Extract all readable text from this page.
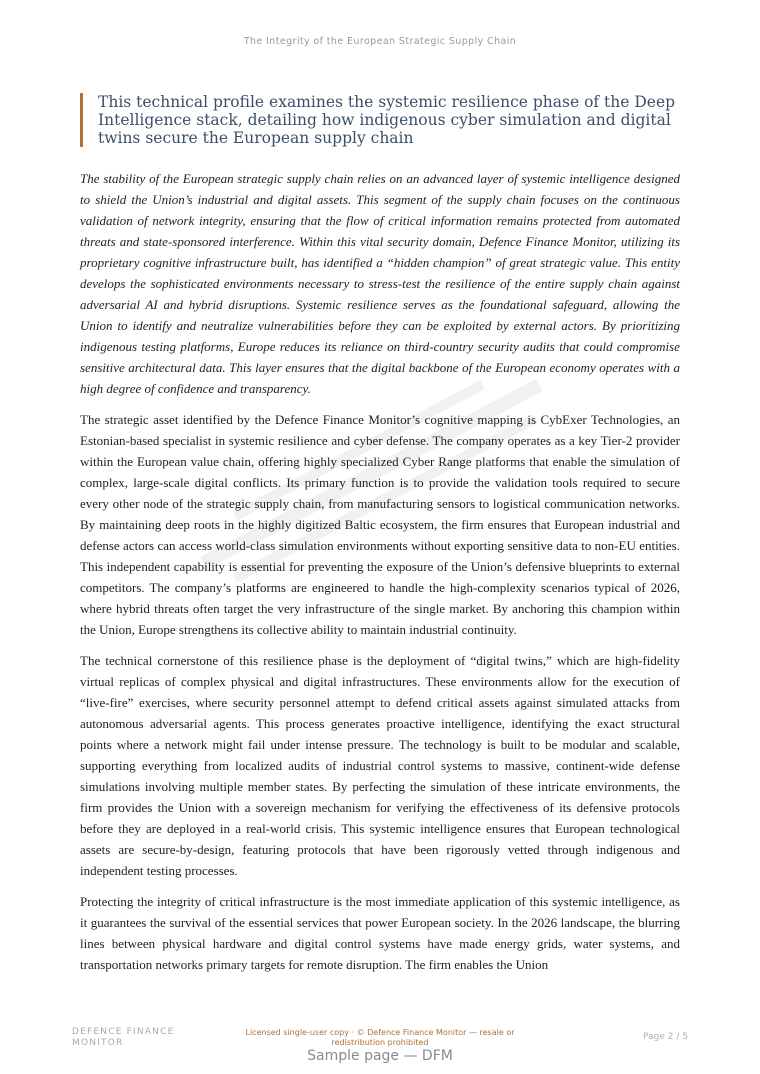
The Integrity of the European Strategic Supply Chain
This technical profile examines the systemic resilience phase of the Deep Intelligence stack, detailing how indigenous cyber simulation and digital twins secure the European supply chain

The stability of the European strategic supply chain relies on an advanced layer of systemic intelligence designed to shield the Union’s industrial and digital assets. This segment of the supply chain focuses on the continuous validation of network integrity, ensuring that the flow of critical information remains protected from automated threats and state-sponsored interference. Within this vital security domain, Defence Finance Monitor, utilizing its proprietary cognitive infrastructure built, has identified a “hidden champion” of great strategic value. This entity develops the sophisticated environments necessary to stress-test the resilience of the entire supply chain against adversarial AI and hybrid disruptions. Systemic resilience serves as the foundational safeguard, allowing the Union to identify and neutralize vulnerabilities before they can be exploited by external actors. By prioritizing indigenous testing platforms, Europe reduces its reliance on third-country security audits that could compromise sensitive architectural data. This layer ensures that the digital backbone of the European economy operates with a high degree of confidence and transparency.

The strategic asset identified by the Defence Finance Monitor’s cognitive mapping is CybExer Technologies, an Estonian-based specialist in systemic resilience and cyber defense. The company operates as a key Tier-2 provider within the European value chain, offering highly specialized Cyber Range platforms that enable the simulation of complex, large-scale digital conflicts. Its primary function is to provide the validation tools required to secure every other node of the strategic supply chain, from manufacturing sensors to logistical communication networks. By maintaining deep roots in the highly digitized Baltic ecosystem, the firm ensures that European industrial and defense actors can access world-class simulation environments without exporting sensitive data to non-EU entities. This independent capability is essential for preventing the exposure of the Union’s defensive blueprints to external competitors. The company’s platforms are engineered to handle the high-complexity scenarios typical of 2026, where hybrid threats often target the very infrastructure of the single market. By anchoring this champion within the Union, Europe strengthens its collective ability to maintain industrial continuity.

The technical cornerstone of this resilience phase is the deployment of “digital twins,” which are high-fidelity virtual replicas of complex physical and digital infrastructures. These environments allow for the execution of “live-fire” exercises, where security personnel attempt to defend critical assets against simulated attacks from autonomous adversarial agents. This process generates proactive intelligence, identifying the exact structural points where a network might fail under intense pressure. The technology is built to be modular and scalable, supporting everything from localized audits of industrial control systems to massive, continent-wide defense simulations involving multiple member states. By perfecting the simulation of these intricate environments, the firm provides the Union with a sovereign mechanism for verifying the effectiveness of its defensive protocols before they are deployed in a real-world crisis. This systemic intelligence ensures that European technological assets are secure-by-design, featuring protocols that have been rigorously vetted through indigenous and independent testing processes.

Protecting the integrity of critical infrastructure is the most immediate application of this systemic intelligence, as it guarantees the survival of the essential services that power European society. In the 2026 landscape, the blurring lines between physical hardware and digital control systems have made energy grids, water systems, and transportation networks primary targets for remote disruption. The firm enables the Union

DEFENCE FINANCE MONITOR
Licensed single-user copy · © Defence Finance Monitor — resale or redistribution prohibited
Page 2 / 5
Sample page — DFM
